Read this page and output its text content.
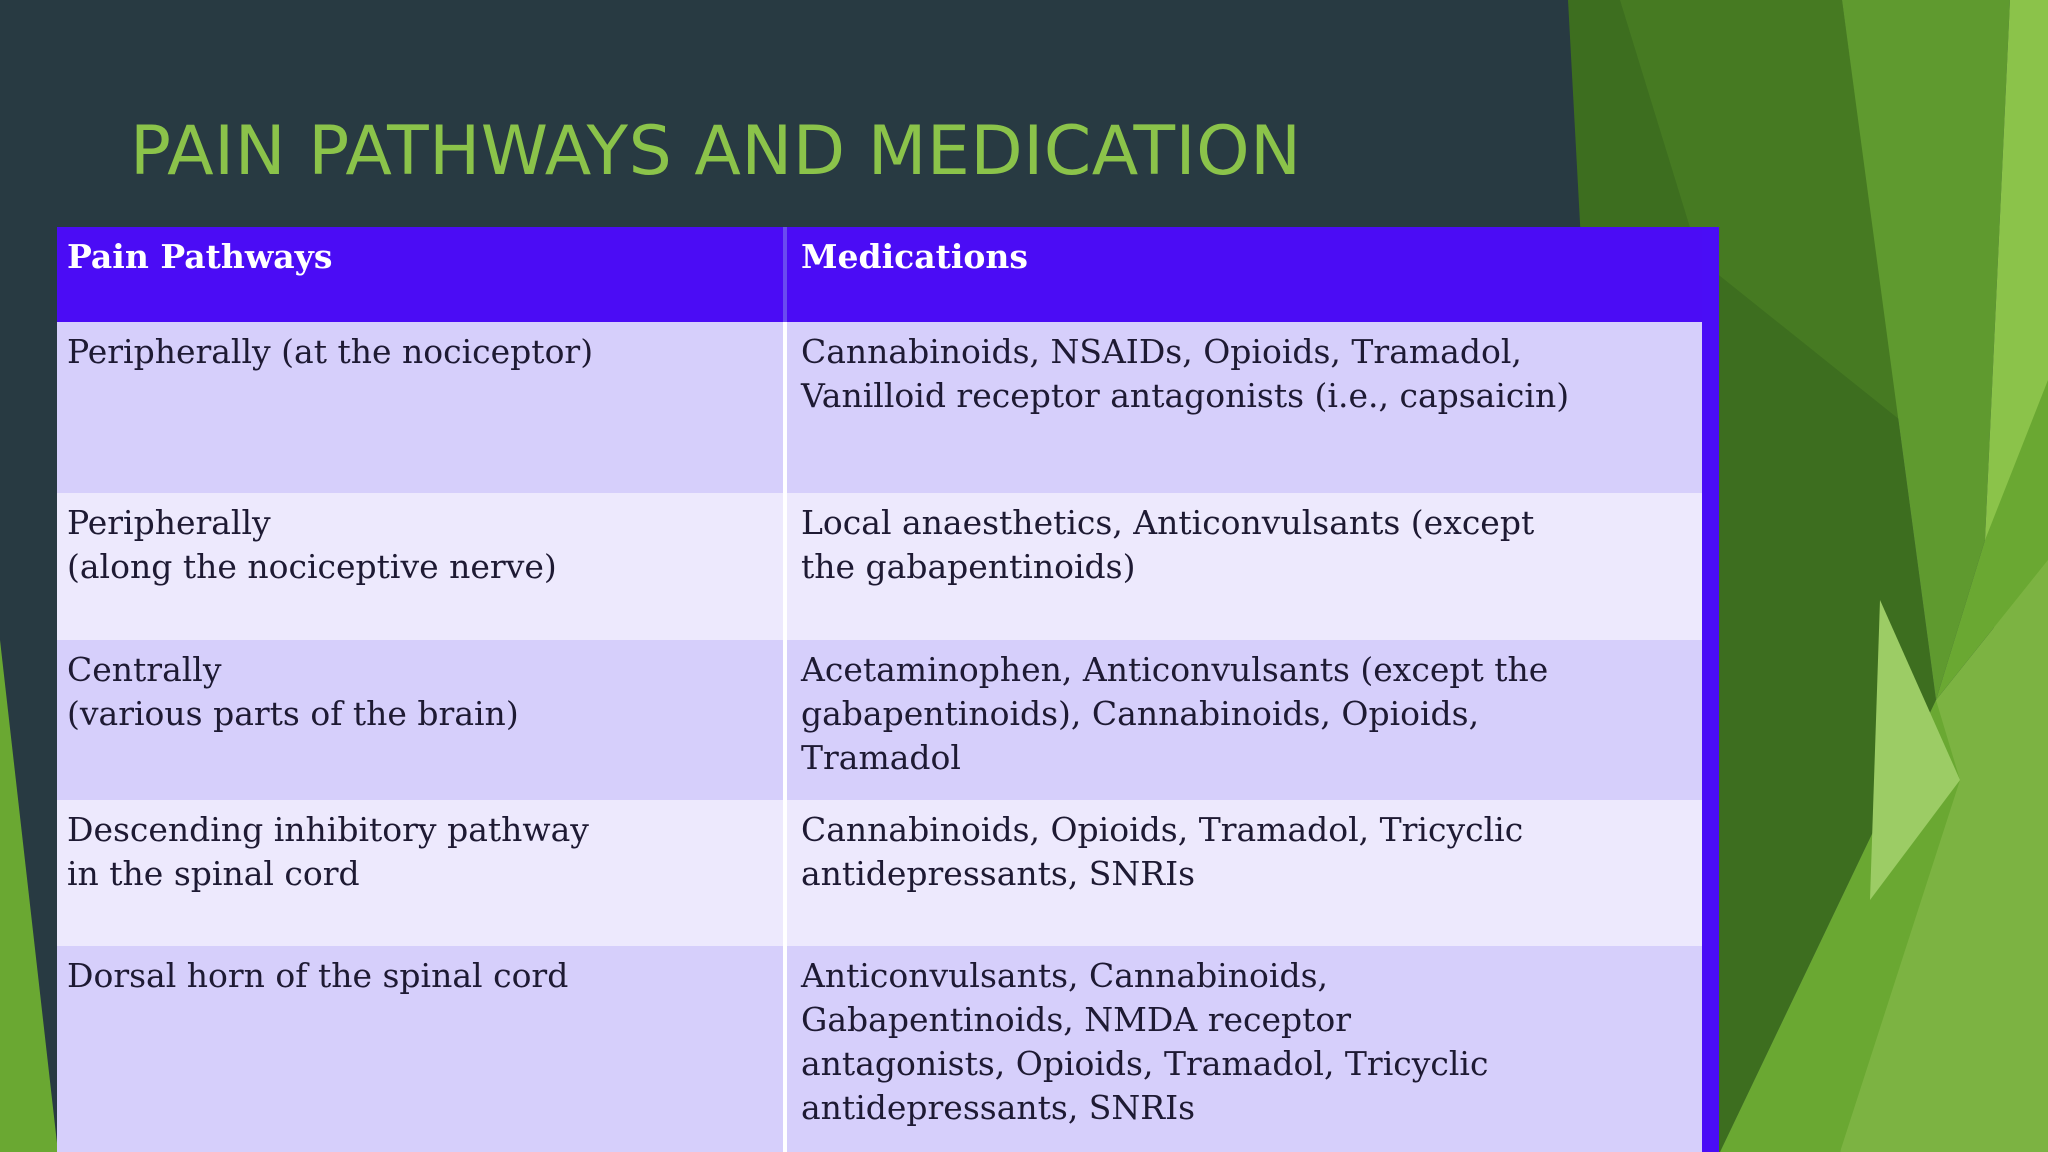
PAIN PATHWAYS AND MEDICATION
Pain Pathways	Medications

Peripherally (at the nociceptor)	Cannabinoids, NSAIDs, Opioids, Tramadol,
Vanilloid receptor antagonists (i.e., capsaicin)

Peripherally
(along the nociceptive nerve)	Local anaesthetics, Anticonvulsants (except
the gabapentinoids)

Centrally
(various parts of the brain)	Acetaminophen, Anticonvulsants (except the
gabapentinoids), Cannabinoids, Opioids,
Tramadol

Descending inhibitory pathway
in the spinal cord	Cannabinoids, Opioids, Tramadol, Tricyclic
antidepressants, SNRIs

Dorsal horn of the spinal cord	Anticonvulsants, Cannabinoids,
Gabapentinoids, NMDA receptor
antagonists, Opioids, Tramadol, Tricyclic
antidepressants, SNRIs
